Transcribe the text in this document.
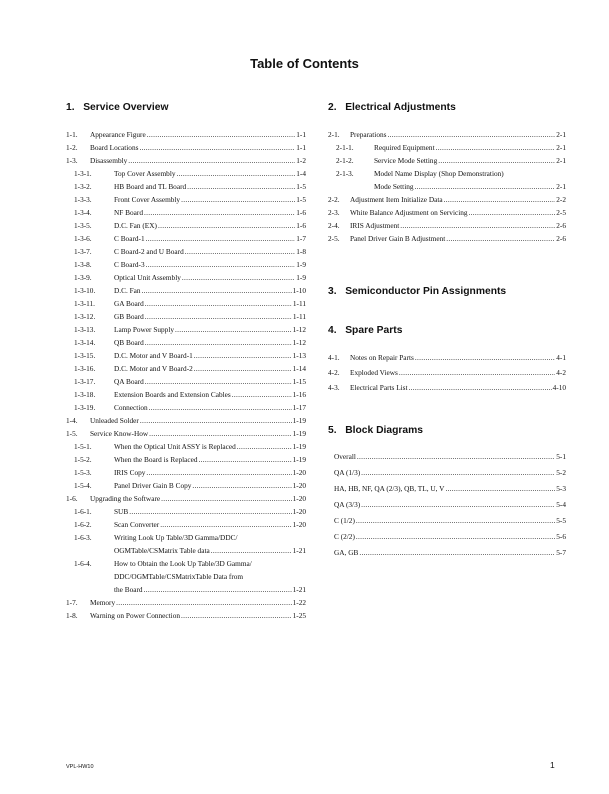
Table of Contents
1. Service Overview	2. Electrical Adjustments
3. Semiconductor Pin Assignments
4. Spare Parts
5. Block Diagrams
1-1.	Appearance Figure .....	1-1
1-2.	Board Locations .....	1-1
1-3.	Disassembly .....	1-2
1-3-1.	Top Cover Assembly .....	1-4
1-3-2.	HB Board and TL Board .....	1-5
1-3-3.	Front Cover Assembly .....	1-5
1-3-4.	NF Board .....	1-6
1-3-5.	D.C. Fan (EX) .....	1-6
1-3-6.	C Board-1 .....	1-7
1-3-7.	C Board-2 and U Board .....	1-8
1-3-8.	C Board-3 .....	1-9
1-3-9.	Optical Unit Assembly .....	1-9
1-3-10.	D.C. Fan .....	1-10
1-3-11.	GA Board .....	1-11
1-3-12.	GB Board .....	1-11
1-3-13.	Lamp Power Supply .....	1-12
1-3-14.	QB Board .....	1-12
1-3-15.	D.C. Motor and V Board-1 .....	1-13
1-3-16.	D.C. Motor and V Board-2 .....	1-14
1-3-17.	QA Board .....	1-15
1-3-18.	Extension Boards and Extension Cables .....	1-16
1-3-19.	Connection .....	1-17
1-4.	Unleaded Solder .....	1-19
1-5.	Service Know-How .....	1-19
1-5-1.	When the Optical Unit ASSY is Replaced .....	1-19
1-5-2.	When the Board is Replaced .....	1-19
1-5-3.	IRIS Copy .....	1-20
1-5-4.	Panel Driver Gain B Copy .....	1-20
1-6.	Upgrading the Software .....	1-20
1-6-1.	SUB .....	1-20
1-6-2.	Scan Converter .....	1-20
1-6-3.	Writing Look Up Table/3D Gamma/DDC/
OGMTable/CSMatrix Table data .....	1-21
1-6-4.	How to Obtain the Look Up Table/3D Gamma/
DDC/OGMTable/CSMatrixTable Data from
the Board .....	1-21
1-7.	Memory .....	1-22
1-8.	Warning on Power Connection .....	1-25
2-1.	Preparations .....	2-1
2-1-1.	Required Equipment .....	2-1
2-1-2.	Service Mode Setting .....	2-1
2-1-3.	Model Name Display (Shop Demonstration)
Mode Setting .....	2-1
2-2.	Adjustment Item Initialize Data .....	2-2
2-3.	White Balance Adjustment on Servicing .....	2-5
2-4.	IRIS Adjustment .....	2-6
2-5.	Panel Driver Gain B Adjustment .....	2-6
4-1.	Notes on Repair Parts .....	4-1
4-2.	Exploded Views .....	4-2
4-3.	Electrical Parts List .....	4-10
Overall .....	5-1
QA (1/3) .....	5-2
HA, HB, NF, QA (2/3), QB, TL, U, V .....	5-3
QA (3/3) .....	5-4
C (1/2) .....	5-5
C (2/2) .....	5-6
GA, GB .....	5-7
VPL-HW10	1
